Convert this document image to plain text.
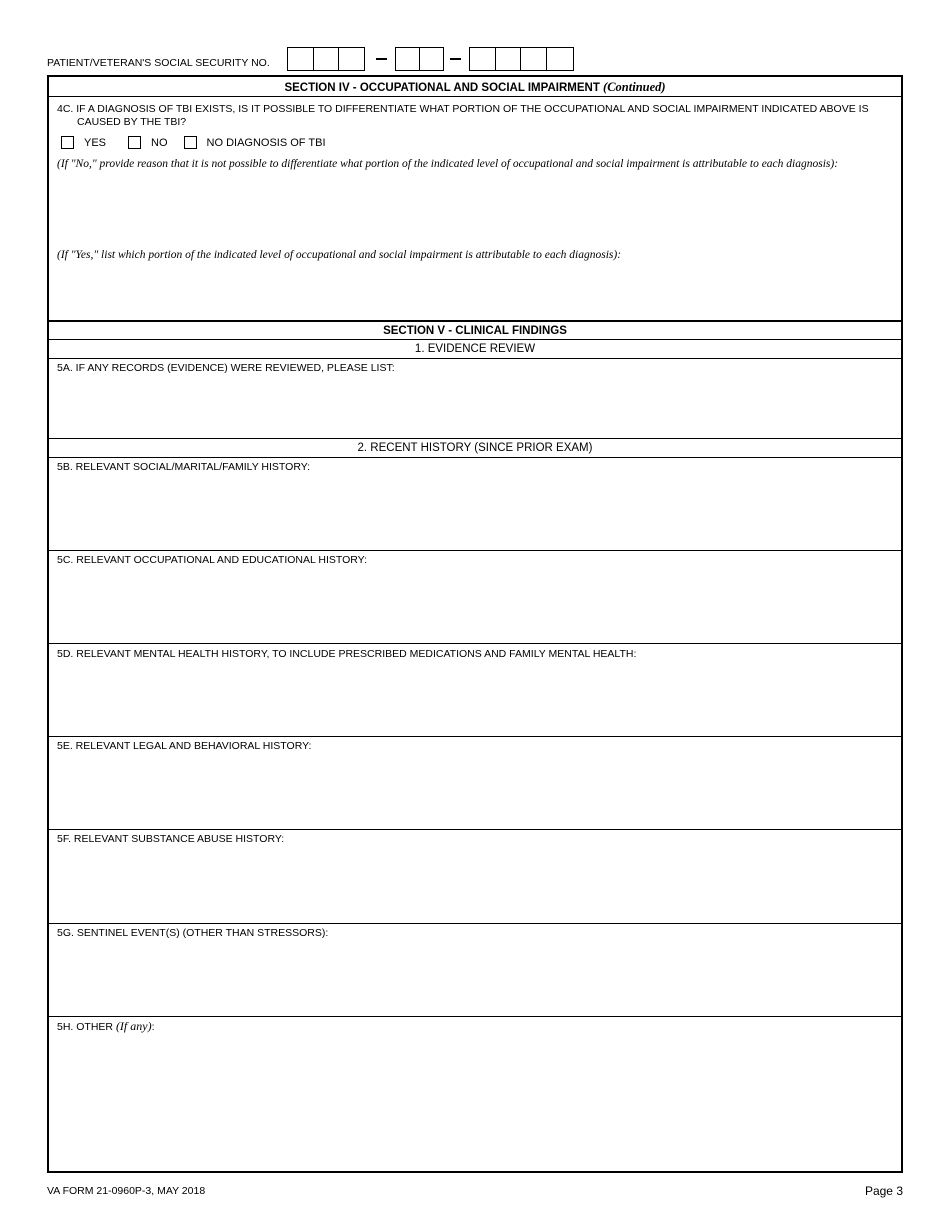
PATIENT/VETERAN'S SOCIAL SECURITY NO.
SECTION IV - OCCUPATIONAL AND SOCIAL IMPAIRMENT (Continued)
4C. IF A DIAGNOSIS OF TBI EXISTS, IS IT POSSIBLE TO DIFFERENTIATE WHAT PORTION OF THE OCCUPATIONAL AND SOCIAL IMPAIRMENT INDICATED ABOVE IS CAUSED BY THE TBI?
YES	NO	NO DIAGNOSIS OF TBI
(If "No," provide reason that it is not possible to differentiate what portion of the indicated level of occupational and social impairment is attributable to each diagnosis):
(If "Yes," list which portion of the indicated level of occupational and social impairment is attributable to each diagnosis):
SECTION V - CLINICAL FINDINGS
1. EVIDENCE REVIEW
5A. IF ANY RECORDS (EVIDENCE) WERE REVIEWED, PLEASE LIST:
2. RECENT HISTORY (SINCE PRIOR EXAM)
5B. RELEVANT SOCIAL/MARITAL/FAMILY HISTORY:
5C. RELEVANT OCCUPATIONAL AND EDUCATIONAL HISTORY:
5D. RELEVANT MENTAL HEALTH HISTORY, TO INCLUDE PRESCRIBED MEDICATIONS AND FAMILY MENTAL HEALTH:
5E. RELEVANT LEGAL AND BEHAVIORAL HISTORY:
5F. RELEVANT SUBSTANCE ABUSE HISTORY:
5G. SENTINEL EVENT(S) (OTHER THAN STRESSORS):
5H. OTHER (If any):
VA FORM 21-0960P-3, MAY 2018	Page 3
